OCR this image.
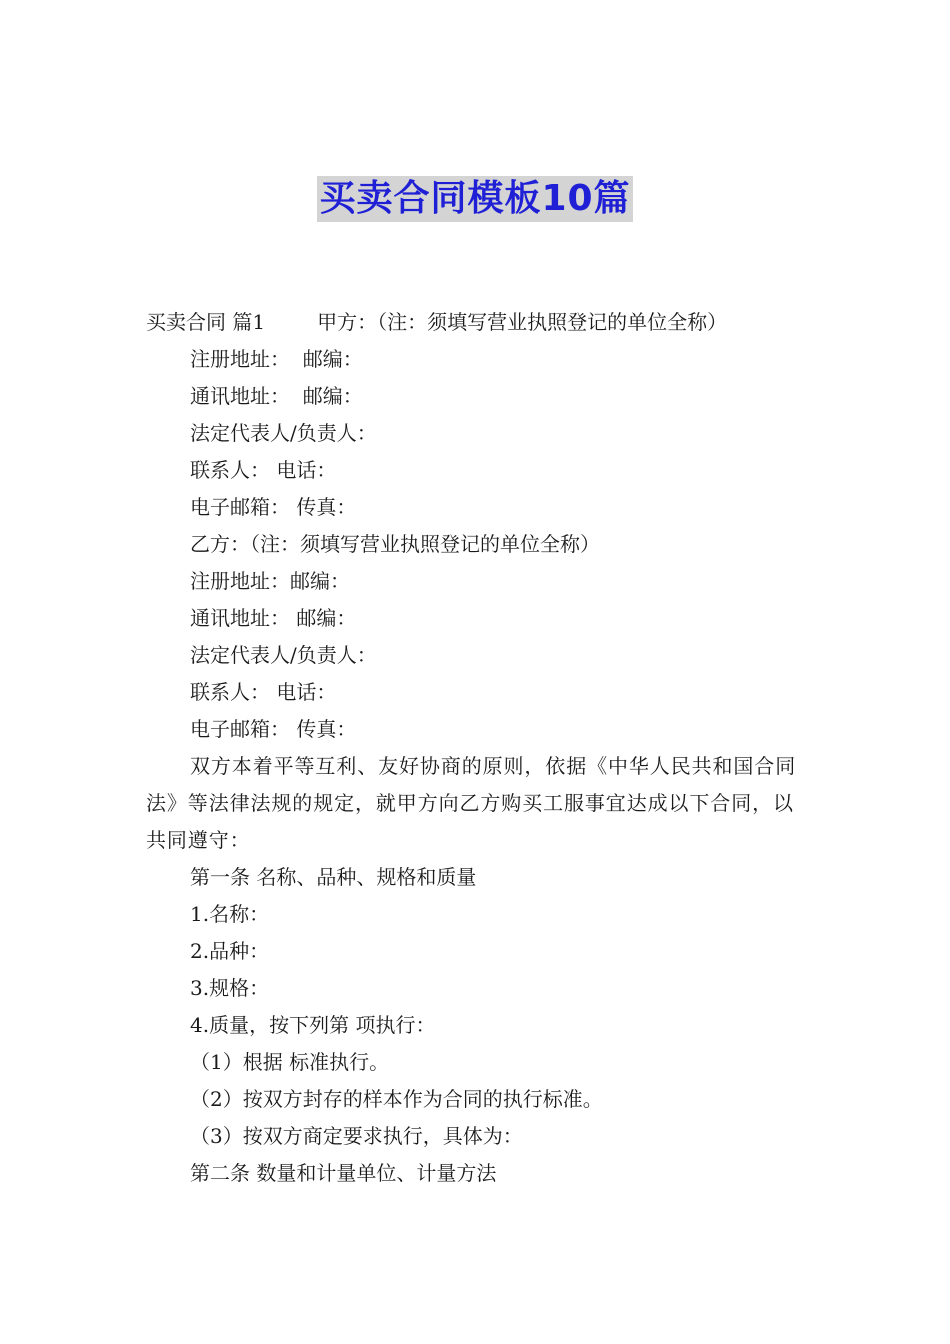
买卖合同模板10篇
买卖合同 篇1	甲方：（注：须填写营业执照登记的单位全称）
注册地址：  邮编：
通讯地址：  邮编：
法定代表人/负责人：
联系人： 电话：
电子邮箱： 传真：
乙方：（注：须填写营业执照登记的单位全称）
注册地址：邮编：
通讯地址： 邮编：
法定代表人/负责人：
联系人： 电话：
电子邮箱： 传真：
双方本着平等互利、友好协商的原则，依据《中华人民共和国合同法》等法律法规的规定，就甲方向乙方购买工服事宜达成以下合同，以共同遵守：
第一条 名称、品种、规格和质量
1.名称：
2.品种：
3.规格：
4.质量，按下列第 项执行：
（1）根据 标准执行。
（2）按双方封存的样本作为合同的执行标准。
（3）按双方商定要求执行，具体为：
第二条 数量和计量单位、计量方法
